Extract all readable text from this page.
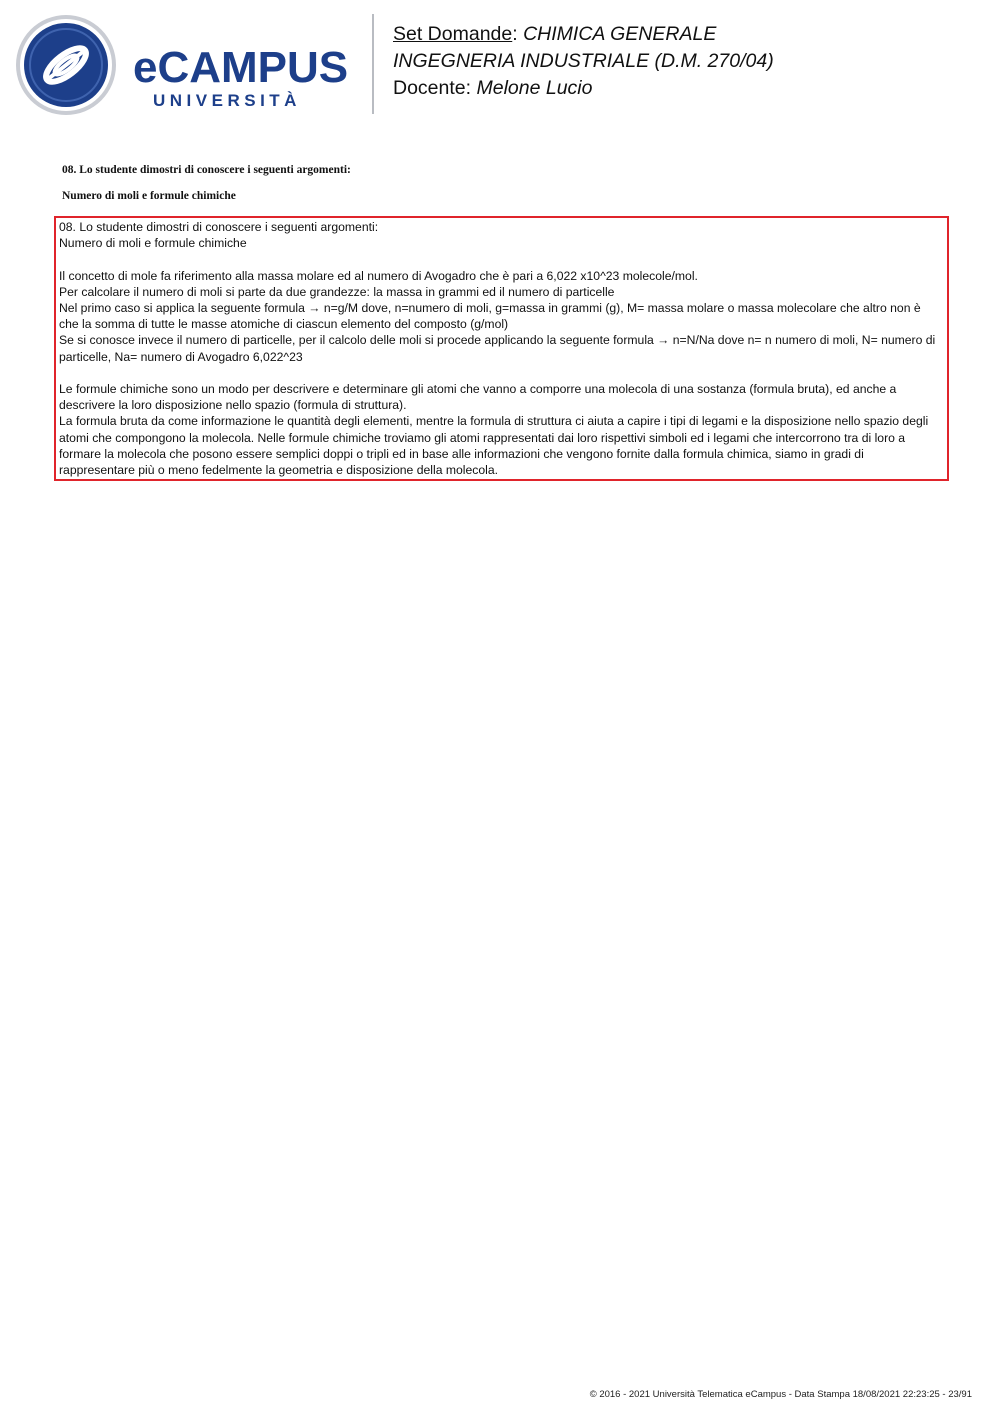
eCAMPUS
UNIVERSITÀ
Set Domande: CHIMICA GENERALE
INGEGNERIA INDUSTRIALE (D.M. 270/04)
Docente: Melone Lucio
08. Lo studente dimostri di conoscere i seguenti argomenti:
Numero di moli e formule chimiche

08. Lo studente dimostri di conoscere i seguenti argomenti:

Numero di moli e formule chimiche

Il concetto di mole fa riferimento alla massa molare ed al numero di Avogadro che è pari a 6,022 x10^23 molecole/mol.

Per calcolare il numero di moli si parte da due grandezze: la massa in grammi ed il numero di particelle

Nel primo caso si applica la seguente formula → n=g/M dove, n=numero di moli, g=massa in grammi (g), M= massa molare o massa molecolare che altro non è che la somma di tutte le masse atomiche di ciascun elemento del composto (g/mol)

Se si conosce invece il numero di particelle, per il calcolo delle moli si procede applicando la seguente formula → n=N/Na dove n= n numero di moli, N= numero di particelle, Na= numero di Avogadro 6,022^23

Le formule chimiche sono un modo per descrivere e determinare gli atomi che vanno a comporre una molecola di una sostanza (formula bruta), ed anche a descrivere la loro disposizione nello spazio (formula di struttura).

La formula bruta da come informazione le quantità degli elementi, mentre la formula di struttura ci aiuta a capire i tipi di legami e la disposizione nello spazio degli atomi che compongono la molecola. Nelle formule chimiche troviamo gli atomi rappresentati dai loro rispettivi simboli ed i legami che intercorrono tra di loro a formare la molecola che posono essere semplici doppi o tripli ed in base alle informazioni che vengono fornite dalla formula chimica, siamo in gradi di rappresentare più o meno fedelmente la geometria e disposizione della molecola.

© 2016 - 2021 Università Telematica eCampus - Data Stampa 18/08/2021 22:23:25 - 23/91
